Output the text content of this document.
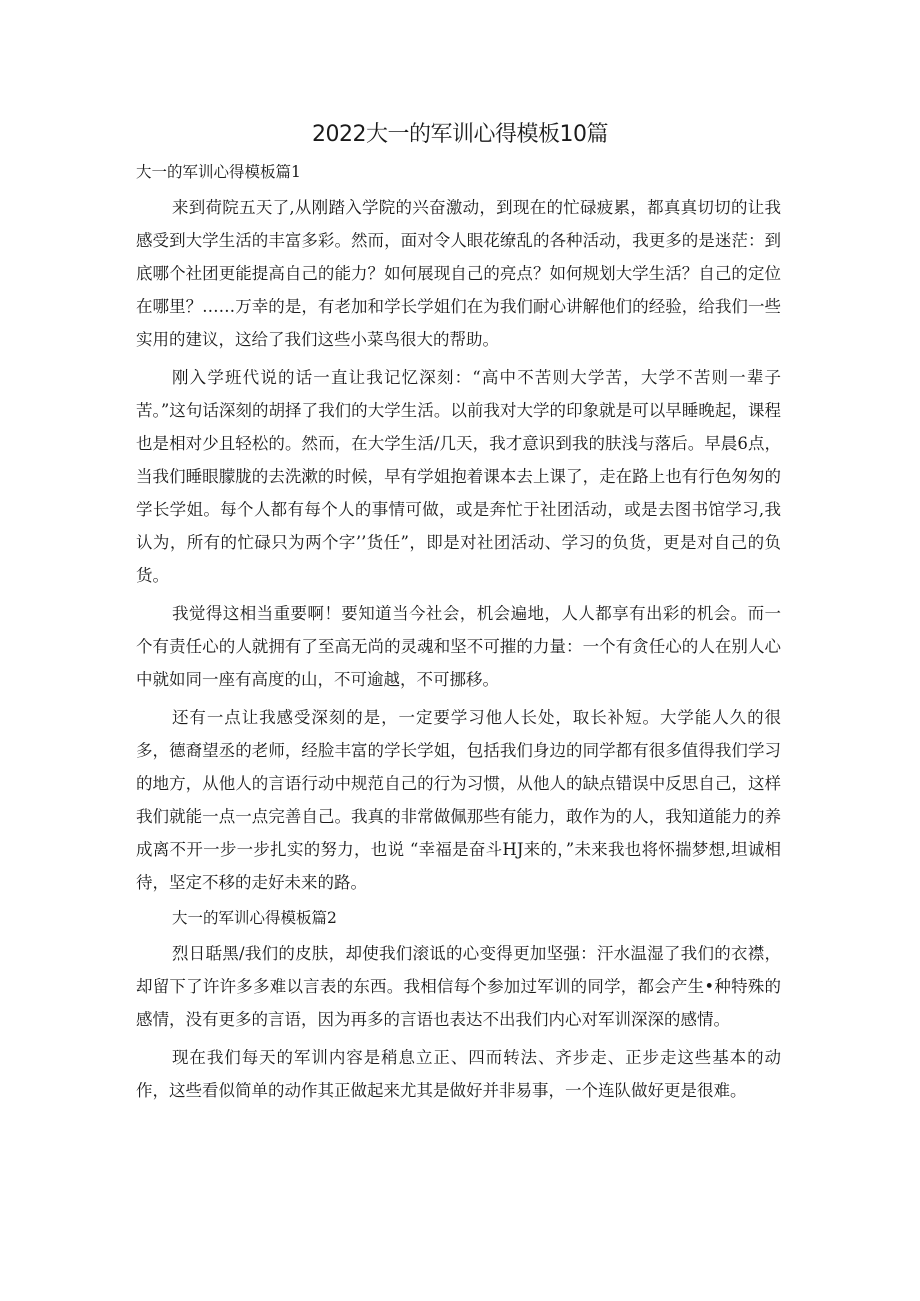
2022大一的军训心得模板10篇
大一的军训心得模板篇1

来到荷院五天了,从刚踏入学院的兴奋激动，到现在的忙碌疲累，都真真切切的让我感受到大学生活的丰富多彩。然而，面对令人眼花缭乱的各种活动，我更多的是迷茫：到底哪个社团更能提高自己的能力？如何展现自己的亮点？如何规划大学生活？自己的定位在哪里？……万幸的是，有老加和学长学姐们在为我们耐心讲解他们的经验，给我们一些实用的建议，这给了我们这些小菜鸟很大的帮助。

刚入学班代说的话一直让我记忆深刻：“高中不苦则大学苦，大学不苦则一辈子苦。”这句话深刻的胡择了我们的大学生活。以前我对大学的印象就是可以早睡晚起，课程也是相对少且轻松的。然而，在大学生活/几天，我才意识到我的肤浅与落后。早晨6点，当我们睡眼朦胧的去洗漱的时候，早有学姐抱着课本去上课了，走在路上也有行色匆匆的学长学姐。每个人都有每个人的事情可做，或是奔忙于社团活动，或是去图书馆学习,我认为，所有的忙碌只为两个字’’货任”，即是对社团活动、学习的负货，更是对自己的负货。

我觉得这相当重要啊！要知道当今社会，机会遍地，人人都享有出彩的机会。而一个有责任心的人就拥有了至高无尚的灵魂和坚不可摧的力量：一个有贪任心的人在别人心中就如同一座有高度的山，不可逾越，不可挪移。

还有一点让我感受深刻的是，一定要学习他人长处，取长补短。大学能人久的很多，德裔望丞的老师，经脸丰富的学长学姐，包括我们身边的同学都有很多值得我们学习的地方，从他人的言语行动中规范自己的行为习惯，从他人的缺点错误中反思自己，这样我们就能一点一点完善自己。我真的非常做佩那些有能力，敢作为的人，我知道能力的养成离不开一步一步扎实的努力，也说 “幸福是奋斗HJ来的，”未来我也将怀揣梦想,坦诚相待，坚定不移的走好未来的路。

大一的军训心得模板篇2

烈日聒黑/我们的皮肤，却使我们滚诋的心变得更加坚强：汗水温湿了我们的衣襟，却留下了许许多多难以言表的东西。我相信每个参加过军训的同学，都会产生•种特殊的感情，没有更多的言语，因为再多的言语也表达不出我们内心对军训深深的感情。

现在我们每天的军训内容是稍息立正、四而转法、齐步走、正步走这些基本的动作，这些看似简单的动作其正做起来尤其是做好并非易事，一个连队做好更是很难。
